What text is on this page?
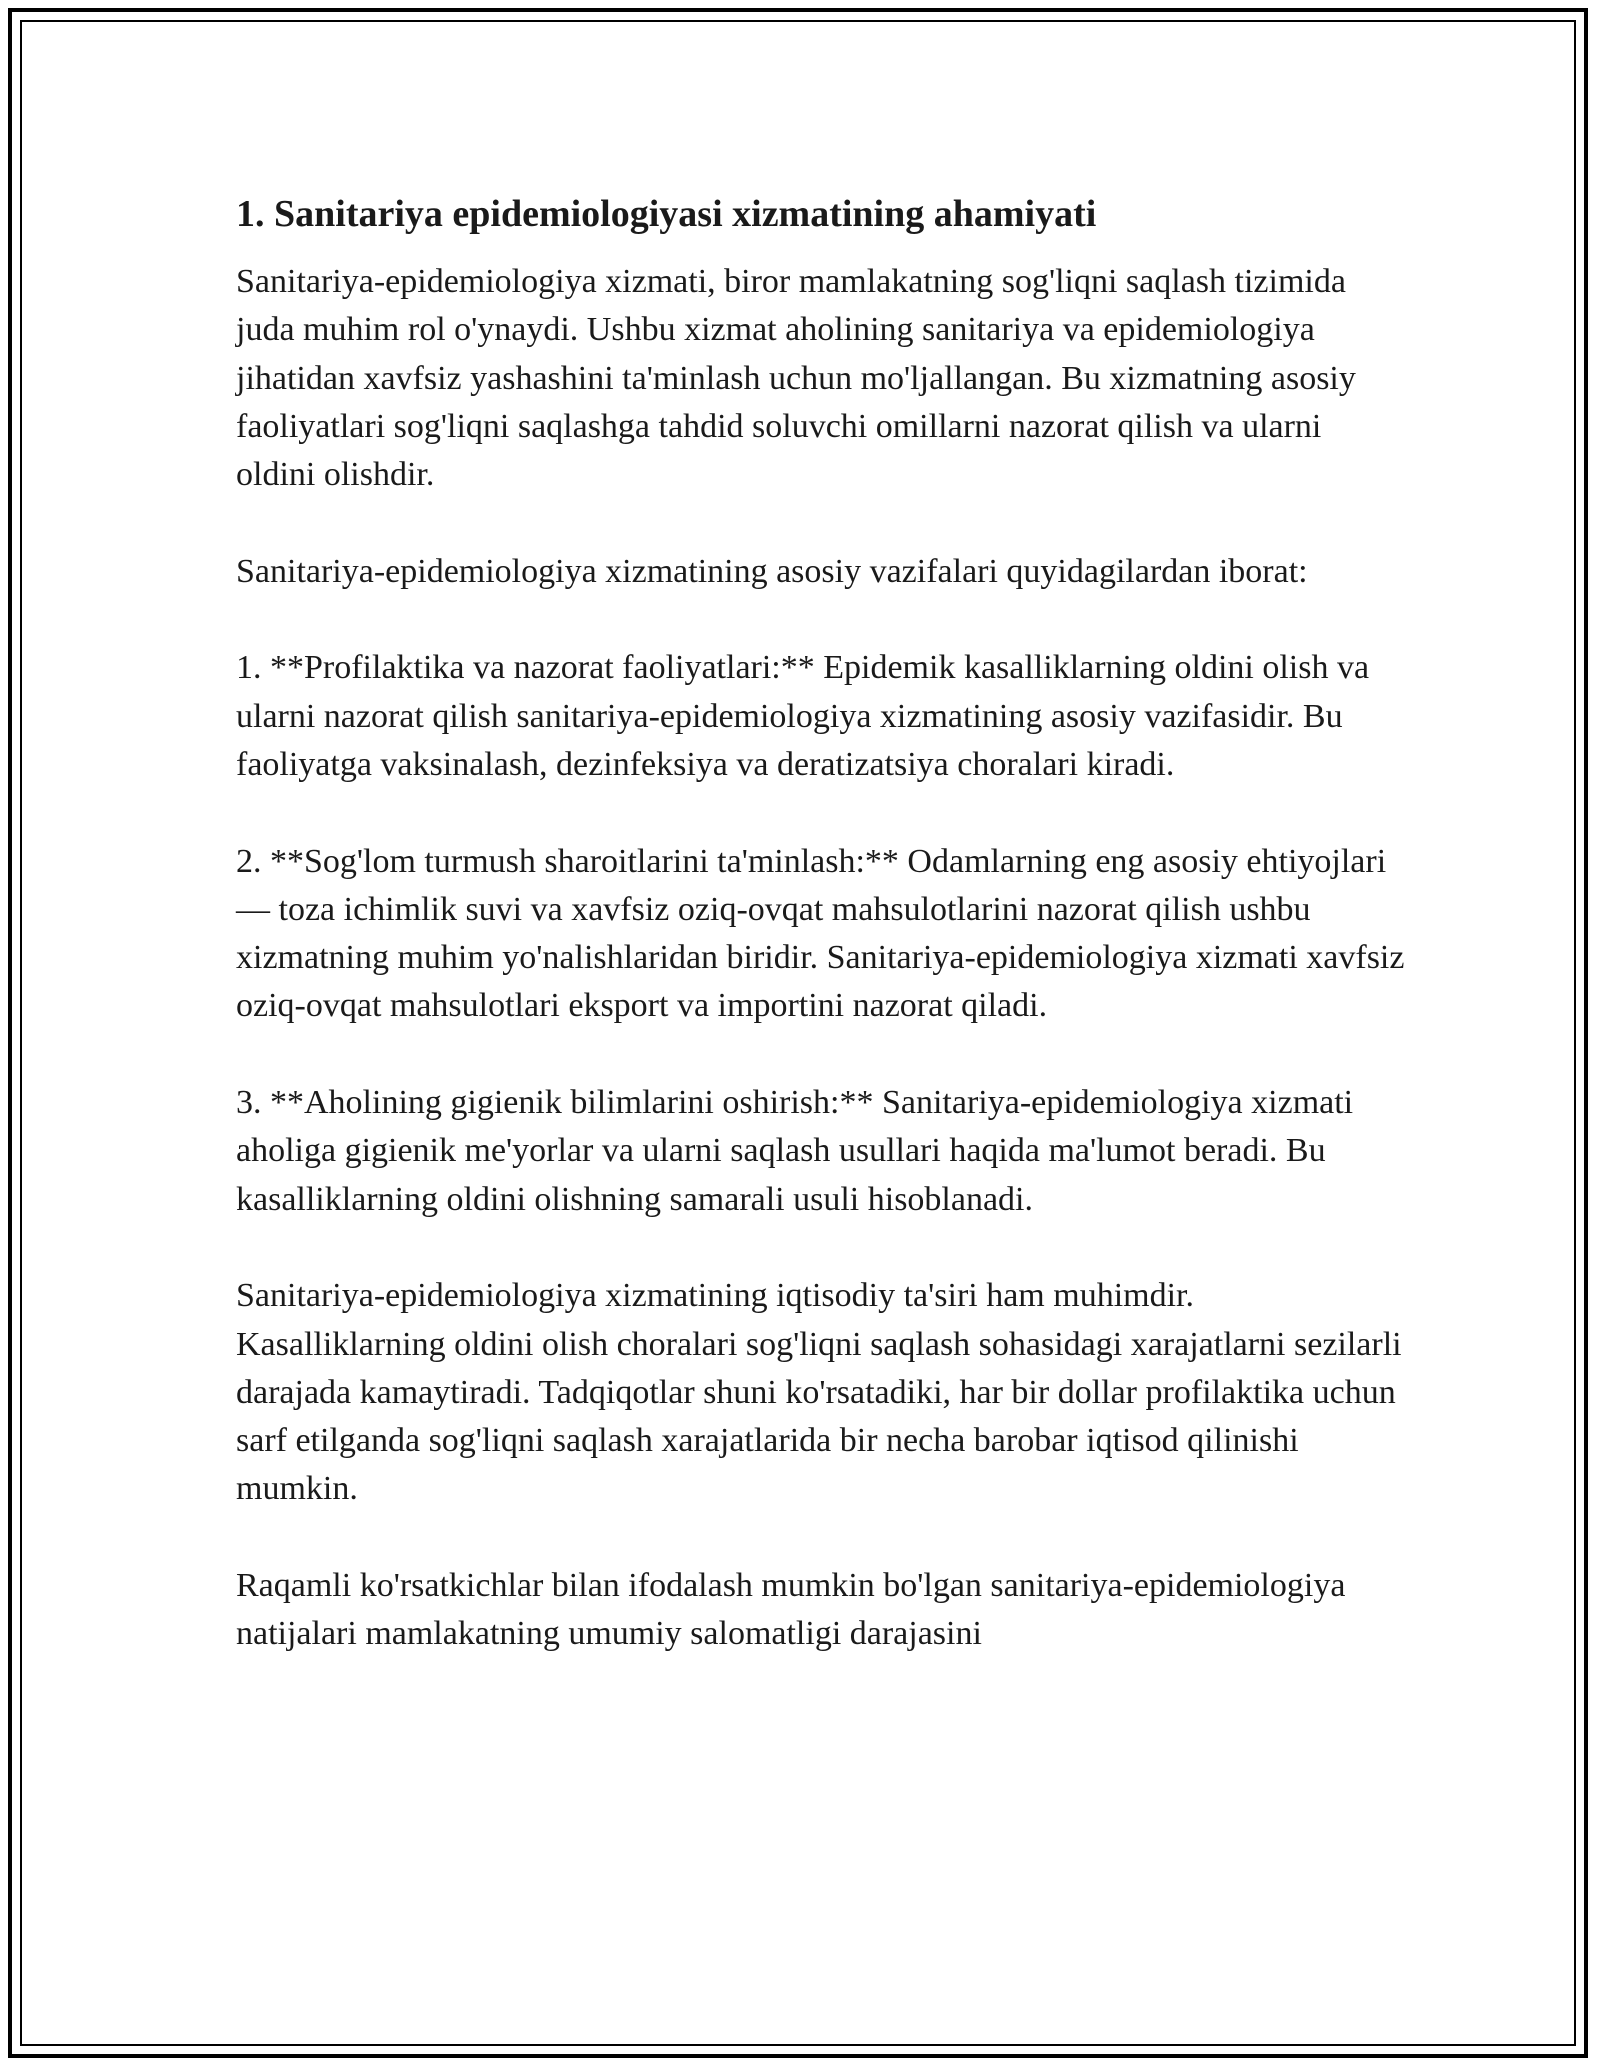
1. Sanitariya epidemiologiyasi xizmatining ahamiyati

Sanitariya-epidemiologiya xizmati, biror mamlakatning sog'liqni saqlash tizimida juda muhim rol o'ynaydi. Ushbu xizmat aholining sanitariya va epidemiologiya jihatidan xavfsiz yashashini ta'minlash uchun mo'ljallangan. Bu xizmatning asosiy faoliyatlari sog'liqni saqlashga tahdid soluvchi omillarni nazorat qilish va ularni oldini olishdir.

Sanitariya-epidemiologiya xizmatining asosiy vazifalari quyidagilardan iborat:

1. **Profilaktika va nazorat faoliyatlari:** Epidemik kasalliklarning oldini olish va ularni nazorat qilish sanitariya-epidemiologiya xizmatining asosiy vazifasidir. Bu faoliyatga vaksinalash, dezinfeksiya va deratizatsiya choralari kiradi.

2. **Sog'lom turmush sharoitlarini ta'minlash:** Odamlarning eng asosiy ehtiyojlari — toza ichimlik suvi va xavfsiz oziq-ovqat mahsulotlarini nazorat qilish ushbu xizmatning muhim yo'nalishlaridan biridir. Sanitariya-epidemiologiya xizmati xavfsiz oziq-ovqat mahsulotlari eksport va importini nazorat qiladi.

3. **Aholining gigienik bilimlarini oshirish:** Sanitariya-epidemiologiya xizmati aholiga gigienik me'yorlar va ularni saqlash usullari haqida ma'lumot beradi. Bu kasalliklarning oldini olishning samarali usuli hisoblanadi.

Sanitariya-epidemiologiya xizmatining iqtisodiy ta'siri ham muhimdir. Kasalliklarning oldini olish choralari sog'liqni saqlash sohasidagi xarajatlarni sezilarli darajada kamaytiradi. Tadqiqotlar shuni ko'rsatadiki, har bir dollar profilaktika uchun sarf etilganda sog'liqni saqlash xarajatlarida bir necha barobar iqtisod qilinishi mumkin.

Raqamli ko'rsatkichlar bilan ifodalash mumkin bo'lgan sanitariya-epidemiologiya natijalari mamlakatning umumiy salomatligi darajasini
